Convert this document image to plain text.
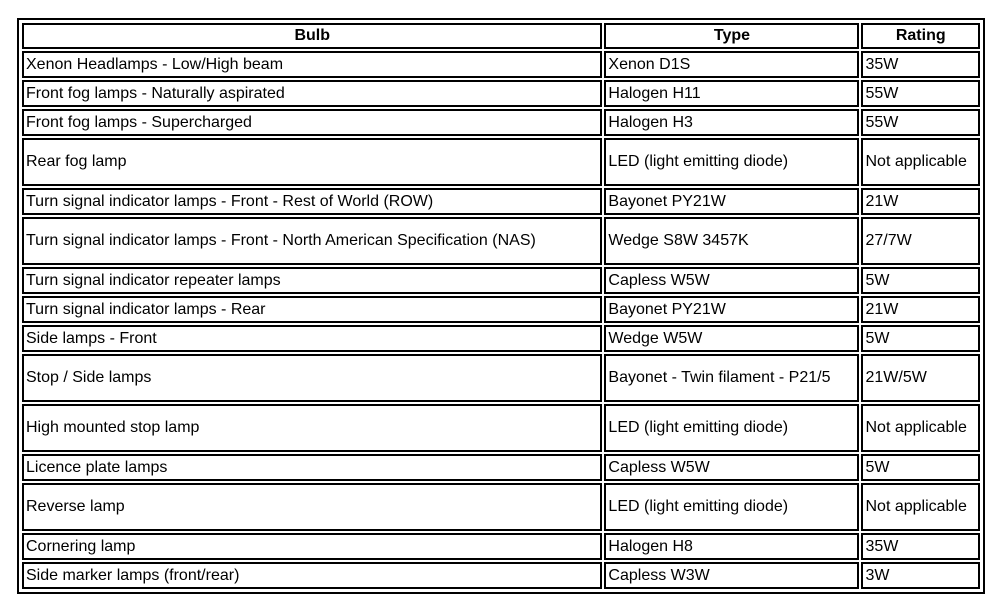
Bulb	Type	Rating
Xenon Headlamps - Low/High beam	Xenon D1S	35W
Front fog lamps - Naturally aspirated	Halogen H11	55W
Front fog lamps - Supercharged	Halogen H3	55W
Rear fog lamp	LED (light emitting diode)	Not applicable
Turn signal indicator lamps - Front - Rest of World (ROW)	Bayonet PY21W	21W
Turn signal indicator lamps - Front - North American Specification (NAS)	Wedge S8W 3457K	27/7W
Turn signal indicator repeater lamps	Capless W5W	5W
Turn signal indicator lamps - Rear	Bayonet PY21W	21W
Side lamps - Front	Wedge W5W	5W
Stop / Side lamps	Bayonet - Twin filament - P21/5	21W/5W
High mounted stop lamp	LED (light emitting diode)	Not applicable
Licence plate lamps	Capless W5W	5W
Reverse lamp	LED (light emitting diode)	Not applicable
Cornering lamp	Halogen H8	35W
Side marker lamps (front/rear)	Capless W3W	3W
